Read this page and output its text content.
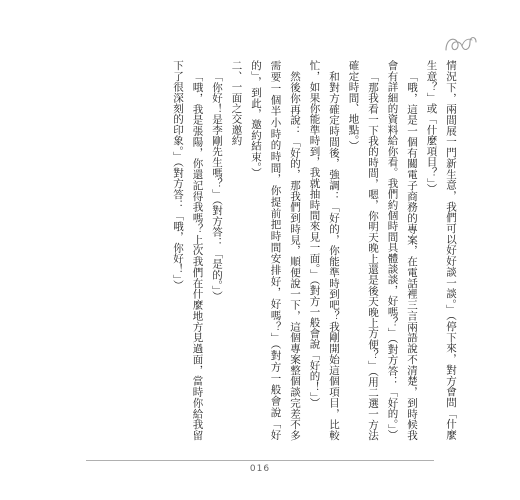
情況下，兩間展一門新生意，我們可以好好談一談。」（停下來，對方會問「什麼生意？」或「什麼項目？」）

「哦，這是一個有關電子商務的專案，在電話裡三言兩語說不清楚，到時候我會有詳細的資料給你看。我們約個時間具體談談，好嗎？」（對方答：「好的。」）

「那我看一下我的時間，嗯，你明天晚上還是後天晚上方便？」（用二選一方法確定時間、地點。）

和對方確定時間後，強調：「好的，你能準時到吧？我剛開始這個項目，比較忙，如果你能準時到，我就抽時間來見一面。」（對方一般會說「好的！」）

然後你再說：「好的，那我們到時見，順便說一下，這個專案整個談完差不多需要一個半小時的時間，你提前把時間安排好，好嗎？」（對方一般會說「好的」，到此，邀約結束。）

二、一面之交邀約

「你好！是李剛先生嗎？」（對方答：「是的。」）

「哦，我是張陽，你還記得我嗎？上次我們在什麼地方見過面，當時你給我留下了很深刻的印象。」（對方答：「哦，你好！」）

016
